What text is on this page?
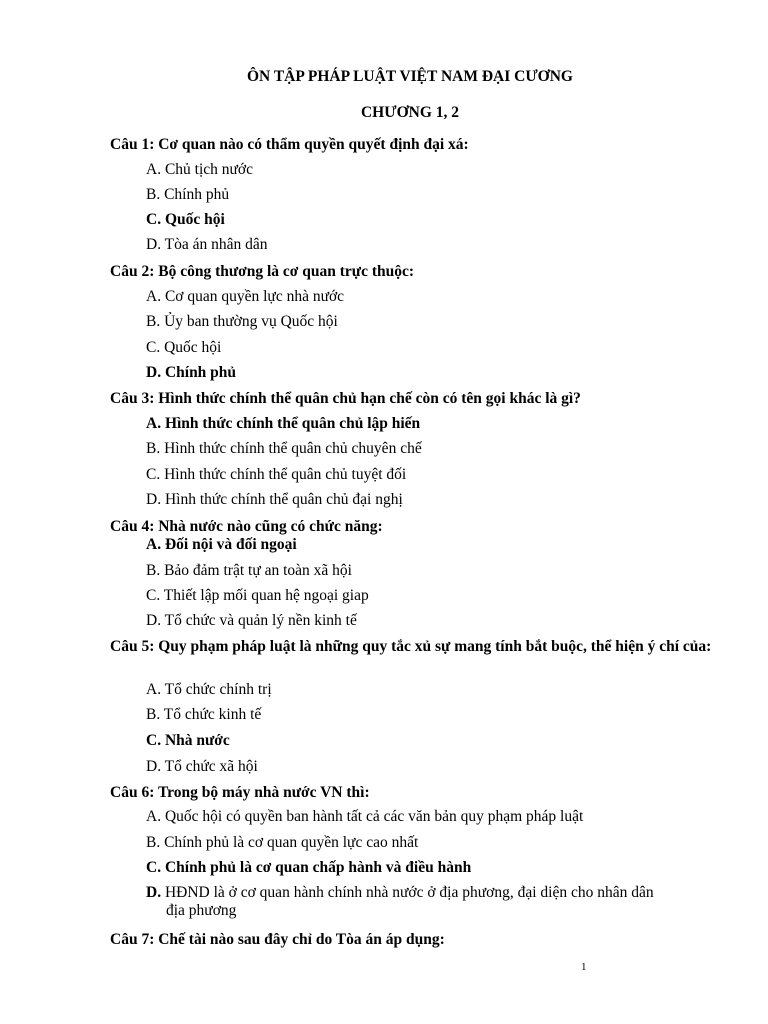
ÔN TẬP PHÁP LUẬT VIỆT NAM ĐẠI CƯƠNG
CHƯƠNG 1, 2
Câu 1: Cơ quan nào có thẩm quyền quyết định đại xá:
A. Chủ tịch nước
B. Chính phủ
C. Quốc hội
D. Tòa án nhân dân
Câu 2: Bộ công thương là cơ quan trực thuộc:
A. Cơ quan quyền lực nhà nước
B. Ủy ban thường vụ Quốc hội
C. Quốc hội
D. Chính phủ
Câu 3: Hình thức chính thể quân chủ hạn chế còn có tên gọi khác là gì?
A. Hình thức chính thể quân chủ lập hiến
B. Hình thức chính thể quân chủ chuyên chế
C. Hình thức chính thể quân chủ tuyệt đối
D. Hình thức chính thể quân chủ đại nghị
Câu 4: Nhà nước nào cũng có chức năng:
A. Đối nội và đối ngoại
B. Bảo đảm trật tự an toàn xã hội
C. Thiết lập mối quan hệ ngoại giap
D. Tổ chức và quản lý nền kinh tế
Câu 5: Quy phạm pháp luật là những quy tắc xủ sự mang tính bắt buộc, thể hiện ý chí của:
A. Tổ chức chính trị
B. Tổ chức kinh tế
C. Nhà nước
D. Tổ chức xã hội
Câu 6: Trong bộ máy nhà nước VN thì:
A. Quốc hội có quyền ban hành tất cả các văn bản quy phạm pháp luật
B. Chính phủ là cơ quan quyền lực cao nhất
C. Chính phủ là cơ quan chấp hành và điều hành
D. HĐND là ở cơ quan hành chính nhà nước ở địa phương, đại diện cho nhân dân
địa phương
Câu 7: Chế tài nào sau đây chỉ do Tòa án áp dụng:
1
